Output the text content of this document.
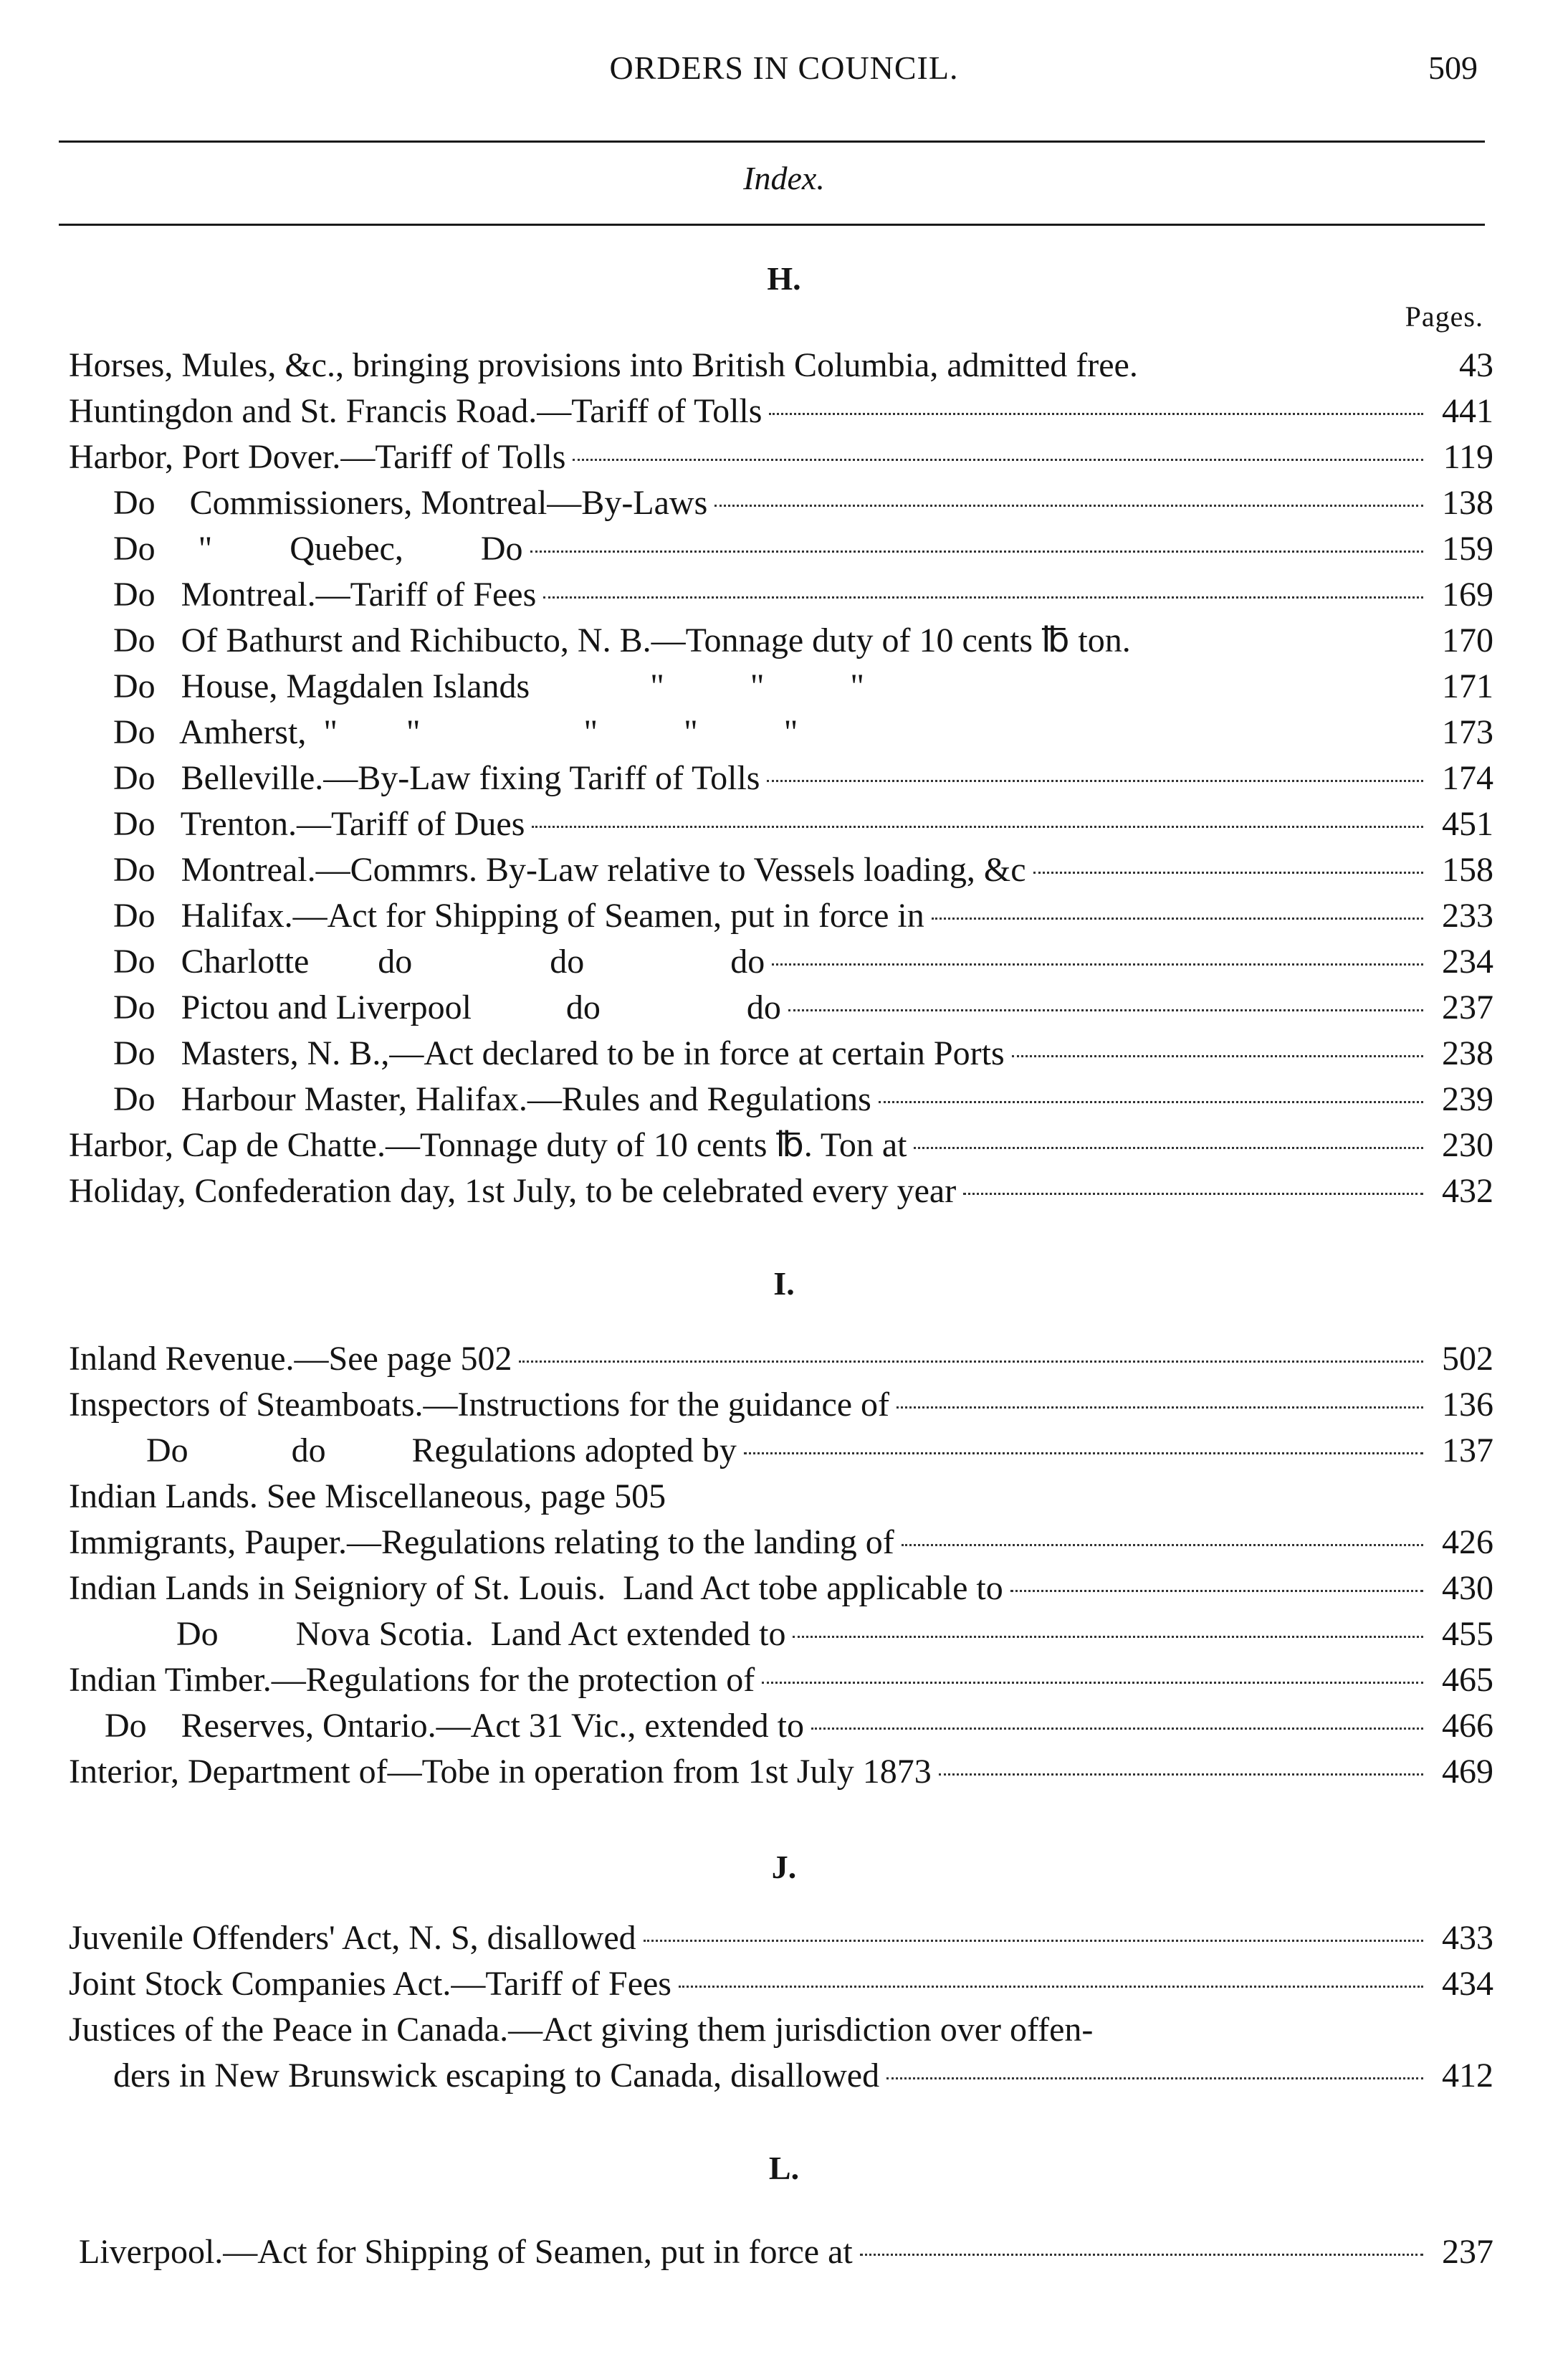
ORDERS IN COUNCIL.	509
Index.
H.
Pages.
Horses, Mules, &c., bringing provisions into British Columbia, admitted free.	43
Huntingdon and St. Francis Road.—Tariff of Tolls	441
Harbor, Port Dover.—Tariff of Tolls	119
Do    Commissioners, Montreal—By-Laws	138
Do     "         Quebec,         Do	159
Do   Montreal.—Tariff of Fees	169
Do   Of Bathurst and Richibucto, N. B.—Tonnage duty of 10 cents ℔ ton.	170
Do   House, Magdalen Islands              "          "          "	171
Do   Amherst,  "        "                   "          "          "	173
Do   Belleville.—By-Law fixing Tariff of Tolls	174
Do   Trenton.—Tariff of Dues	451
Do   Montreal.—Commrs. By-Law relative to Vessels loading, &c	158
Do   Halifax.—Act for Shipping of Seamen, put in force in	233
Do   Charlotte        do                do                 do	234
Do   Pictou and Liverpool           do                 do	237
Do   Masters, N. B.,—Act declared to be in force at certain Ports	238
Do   Harbour Master, Halifax.—Rules and Regulations	239
Harbor, Cap de Chatte.—Tonnage duty of 10 cents ℔. Ton at	230
Holiday, Confederation day, 1st July, to be celebrated every year	432
I.
Inland Revenue.—See page 502	502
Inspectors of Steamboats.—Instructions for the guidance of	136
Do            do          Regulations adopted by	137
Indian Lands. See Miscellaneous, page 505
Immigrants, Pauper.—Regulations relating to the landing of	426
Indian Lands in Seigniory of St. Louis.  Land Act tobe applicable to	430
Do         Nova Scotia.  Land Act extended to	455
Indian Timber.—Regulations for the protection of	465
Do    Reserves, Ontario.—Act 31 Vic., extended to	466
Interior, Department of—Tobe in operation from 1st July 1873	469
J.
Juvenile Offenders' Act, N. S, disallowed	433
Joint Stock Companies Act.—Tariff of Fees	434
Justices of the Peace in Canada.—Act giving them jurisdiction over offen-
ders in New Brunswick escaping to Canada, disallowed	412
L.
Liverpool.—Act for Shipping of Seamen, put in force at	237
